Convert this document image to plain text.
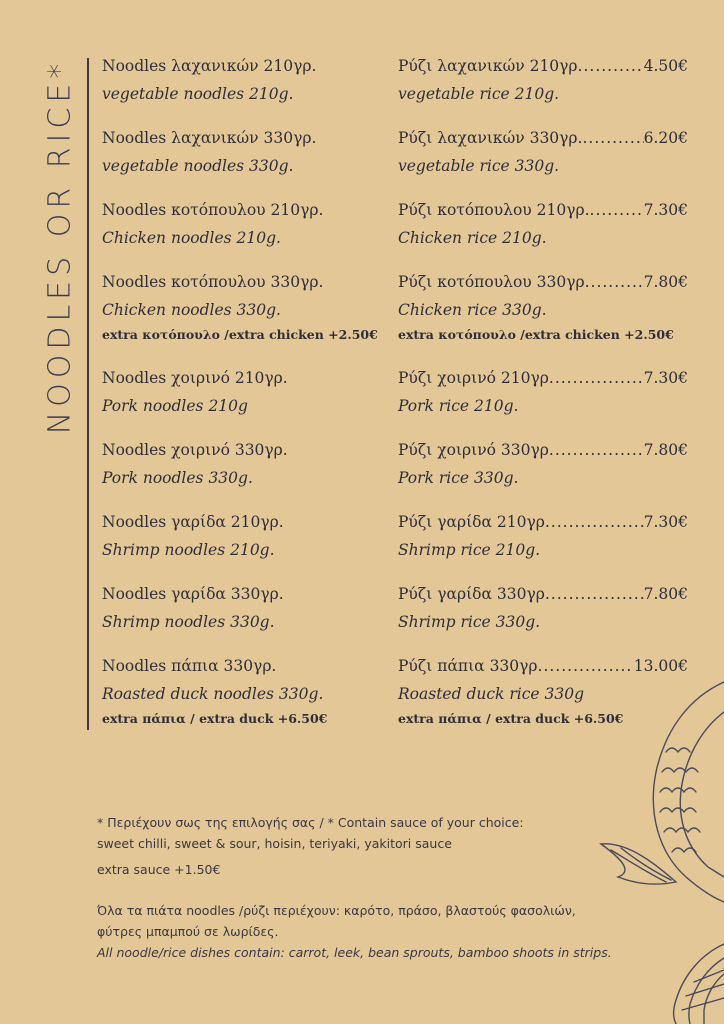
NOODLES OR RICE* Noodles λαχανικών 210γρ.
vegetable noodles 210g.
Noodles λαχανικών 330γρ.
vegetable noodles 330g.
Noodles κοτόπουλου 210γρ.
Chicken noodles 210g.
Noodles κοτόπουλου 330γρ.
Chicken noodles 330g.
extra κοτόπουλο /extra chicken +2.50€
Noodles χοιρινό 210γρ.
Pork noodles 210g
Noodles χοιρινό 330γρ.
Pork noodles 330g.
Noodles γαρίδα 210γρ.
Shrimp noodles 210g.
Noodles γαρίδα 330γρ.
Shrimp noodles 330g.
Noodles πάπια 330γρ.
Roasted duck noodles 330g.
extra πάπια / extra duck +6.50€
Ρύζι λαχανικών 210γρ .....	4.50€
vegetable rice 210g.
Ρύζι λαχανικών 330γρ. .....	6.20€
vegetable rice 330g.
Ρύζι κοτόπουλου 210γρ. .....	7.30€
Chicken rice 210g.
Ρύζι κοτόπουλου 330γρ .....	7.80€
Chicken rice 330g.
extra κοτόπουλο /extra chicken +2.50€
Ρύζι χοιρινό 210γρ .....	7.30€
Pork rice 210g.
Ρύζι χοιρινό 330γρ .....	7.80€
Pork rice 330g.
Ρύζι γαρίδα 210γρ .....	7.30€
Shrimp rice 210g.
Ρύζι γαρίδα 330γρ .....	7.80€
Shrimp rice 330g.
Ρύζι πάπια 330γρ .....	13.00€
Roasted duck rice 330g
extra πάπια / extra duck +6.50€

* Περιέχουν σως της επιλογής σας / * Contain sauce of your choice:

sweet chilli, sweet & sour, hoisin, teriyaki, yakitori sauce

extra sauce +1.50€

Όλα τα πιάτα noodles /ρύζι περιέχουν: καρότο, πράσο, βλαστούς φασολιών,

φύτρες μπαμπού σε λωρίδες.

All noodle/rice dishes contain: carrot, leek, bean sprouts, bamboo shoots in strips.
